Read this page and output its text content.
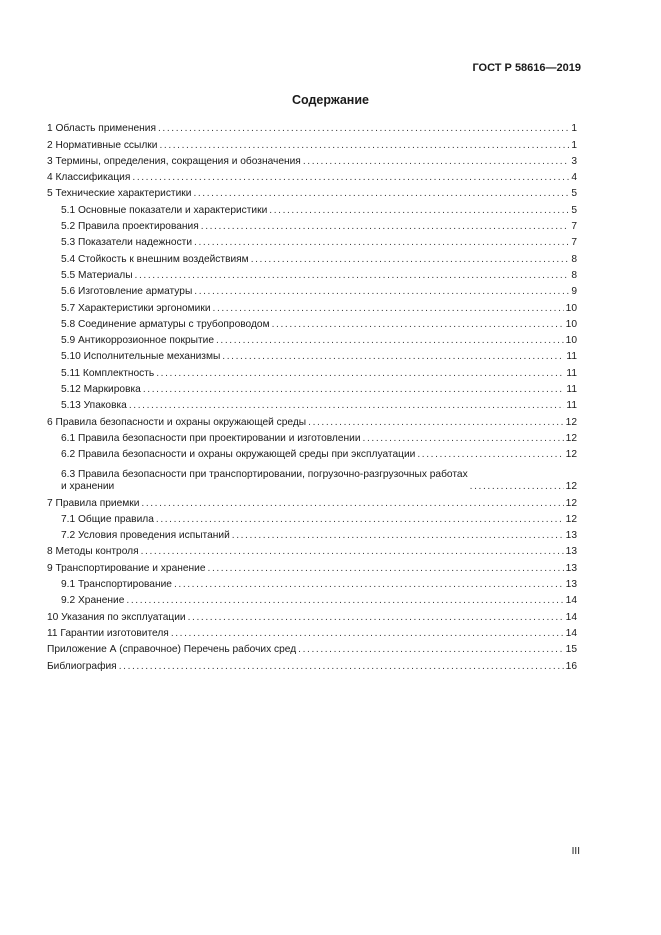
ГОСТ Р 58616—2019
Содержание
1 Область применения .....	1
2 Нормативные ссылки .....	1
3 Термины, определения, сокращения и обозначения .....	3
4 Классификация .....	4
5 Технические характеристики .....	5
5.1 Основные показатели и характеристики .....	5
5.2 Правила проектирования .....	7
5.3 Показатели надежности .....	7
5.4 Стойкость к внешним воздействиям .....	8
5.5 Материалы .....	8
5.6 Изготовление арматуры .....	9
5.7 Характеристики эргономики .....	10
5.8 Соединение арматуры с трубопроводом .....	10
5.9 Антикоррозионное покрытие .....	10
5.10 Исполнительные механизмы .....	11
5.11 Комплектность .....	11
5.12 Маркировка .....	11
5.13 Упаковка .....	11
6 Правила безопасности и охраны окружающей среды .....	12
6.1 Правила безопасности при проектировании и изготовлении .....	12
6.2 Правила безопасности и охраны окружающей среды при эксплуатации .....	12
6.3 Правила безопасности при транспортировании, погрузочно-разгрузочных работах
и хранении .....	12
7 Правила приемки .....	12
7.1 Общие правила .....	12
7.2 Условия проведения испытаний .....	13
8 Методы контроля .....	13
9 Транспортирование и хранение .....	13
9.1 Транспортирование .....	13
9.2 Хранение .....	14
10 Указания по эксплуатации .....	14
11 Гарантии изготовителя .....	14
Приложение А (справочное) Перечень рабочих сред .....	15
Библиография .....	16
III
